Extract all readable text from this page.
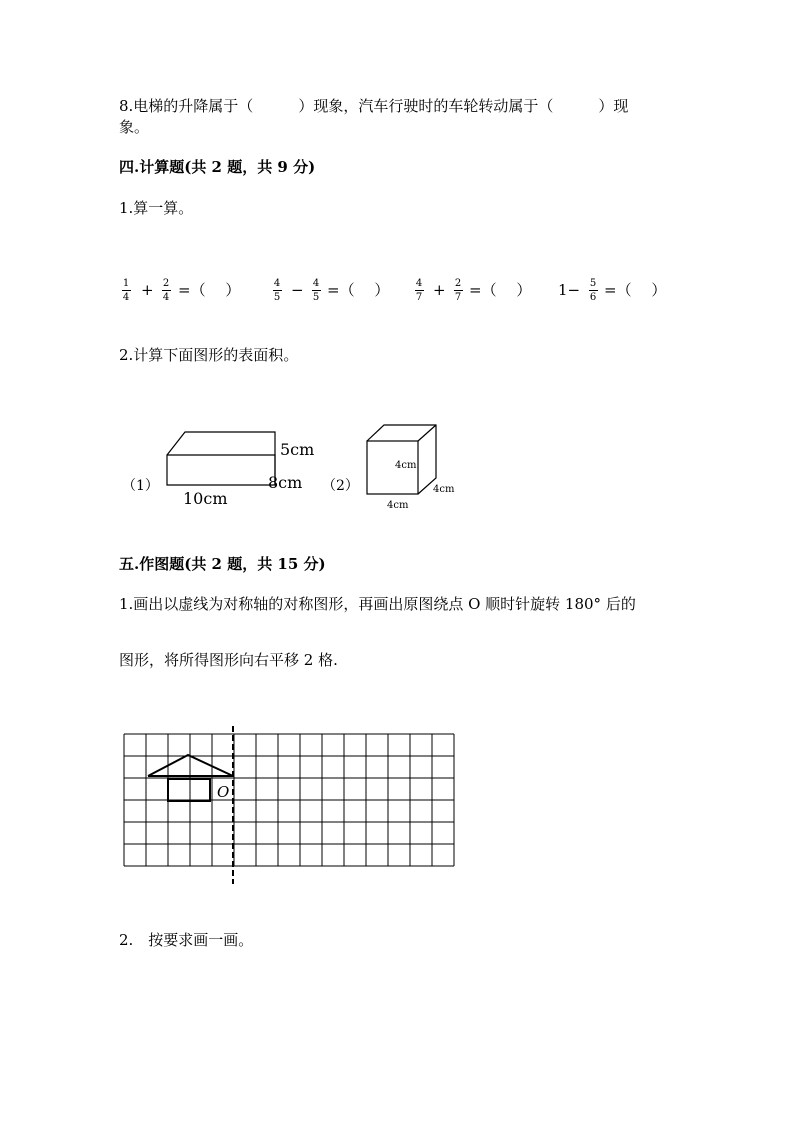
8.电梯的升降属于（　　　）现象，汽车行驶时的车轮转动属于（　　　）现
象。
四.计算题(共 2 题，共 9 分)
1.算一算。
1
4 + 2
4 =（　 ）	4
5 − 4
5 =（　 ）	4
7 + 2
7 =（　 ） 1− 5
6 =（　 ）
2.计算下面图形的表面积。
（1）
5cm
8cm
10cm
（2）
4cm
4cm
4cm
五.作图题(共 2 题，共 15 分)
1.画出以虚线为对称轴的对称图形，再画出原图绕点 O 顺时针旋转 180° 后的
图形，将所得图形向右平移 2 格.
O
2.　按要求画一画。
